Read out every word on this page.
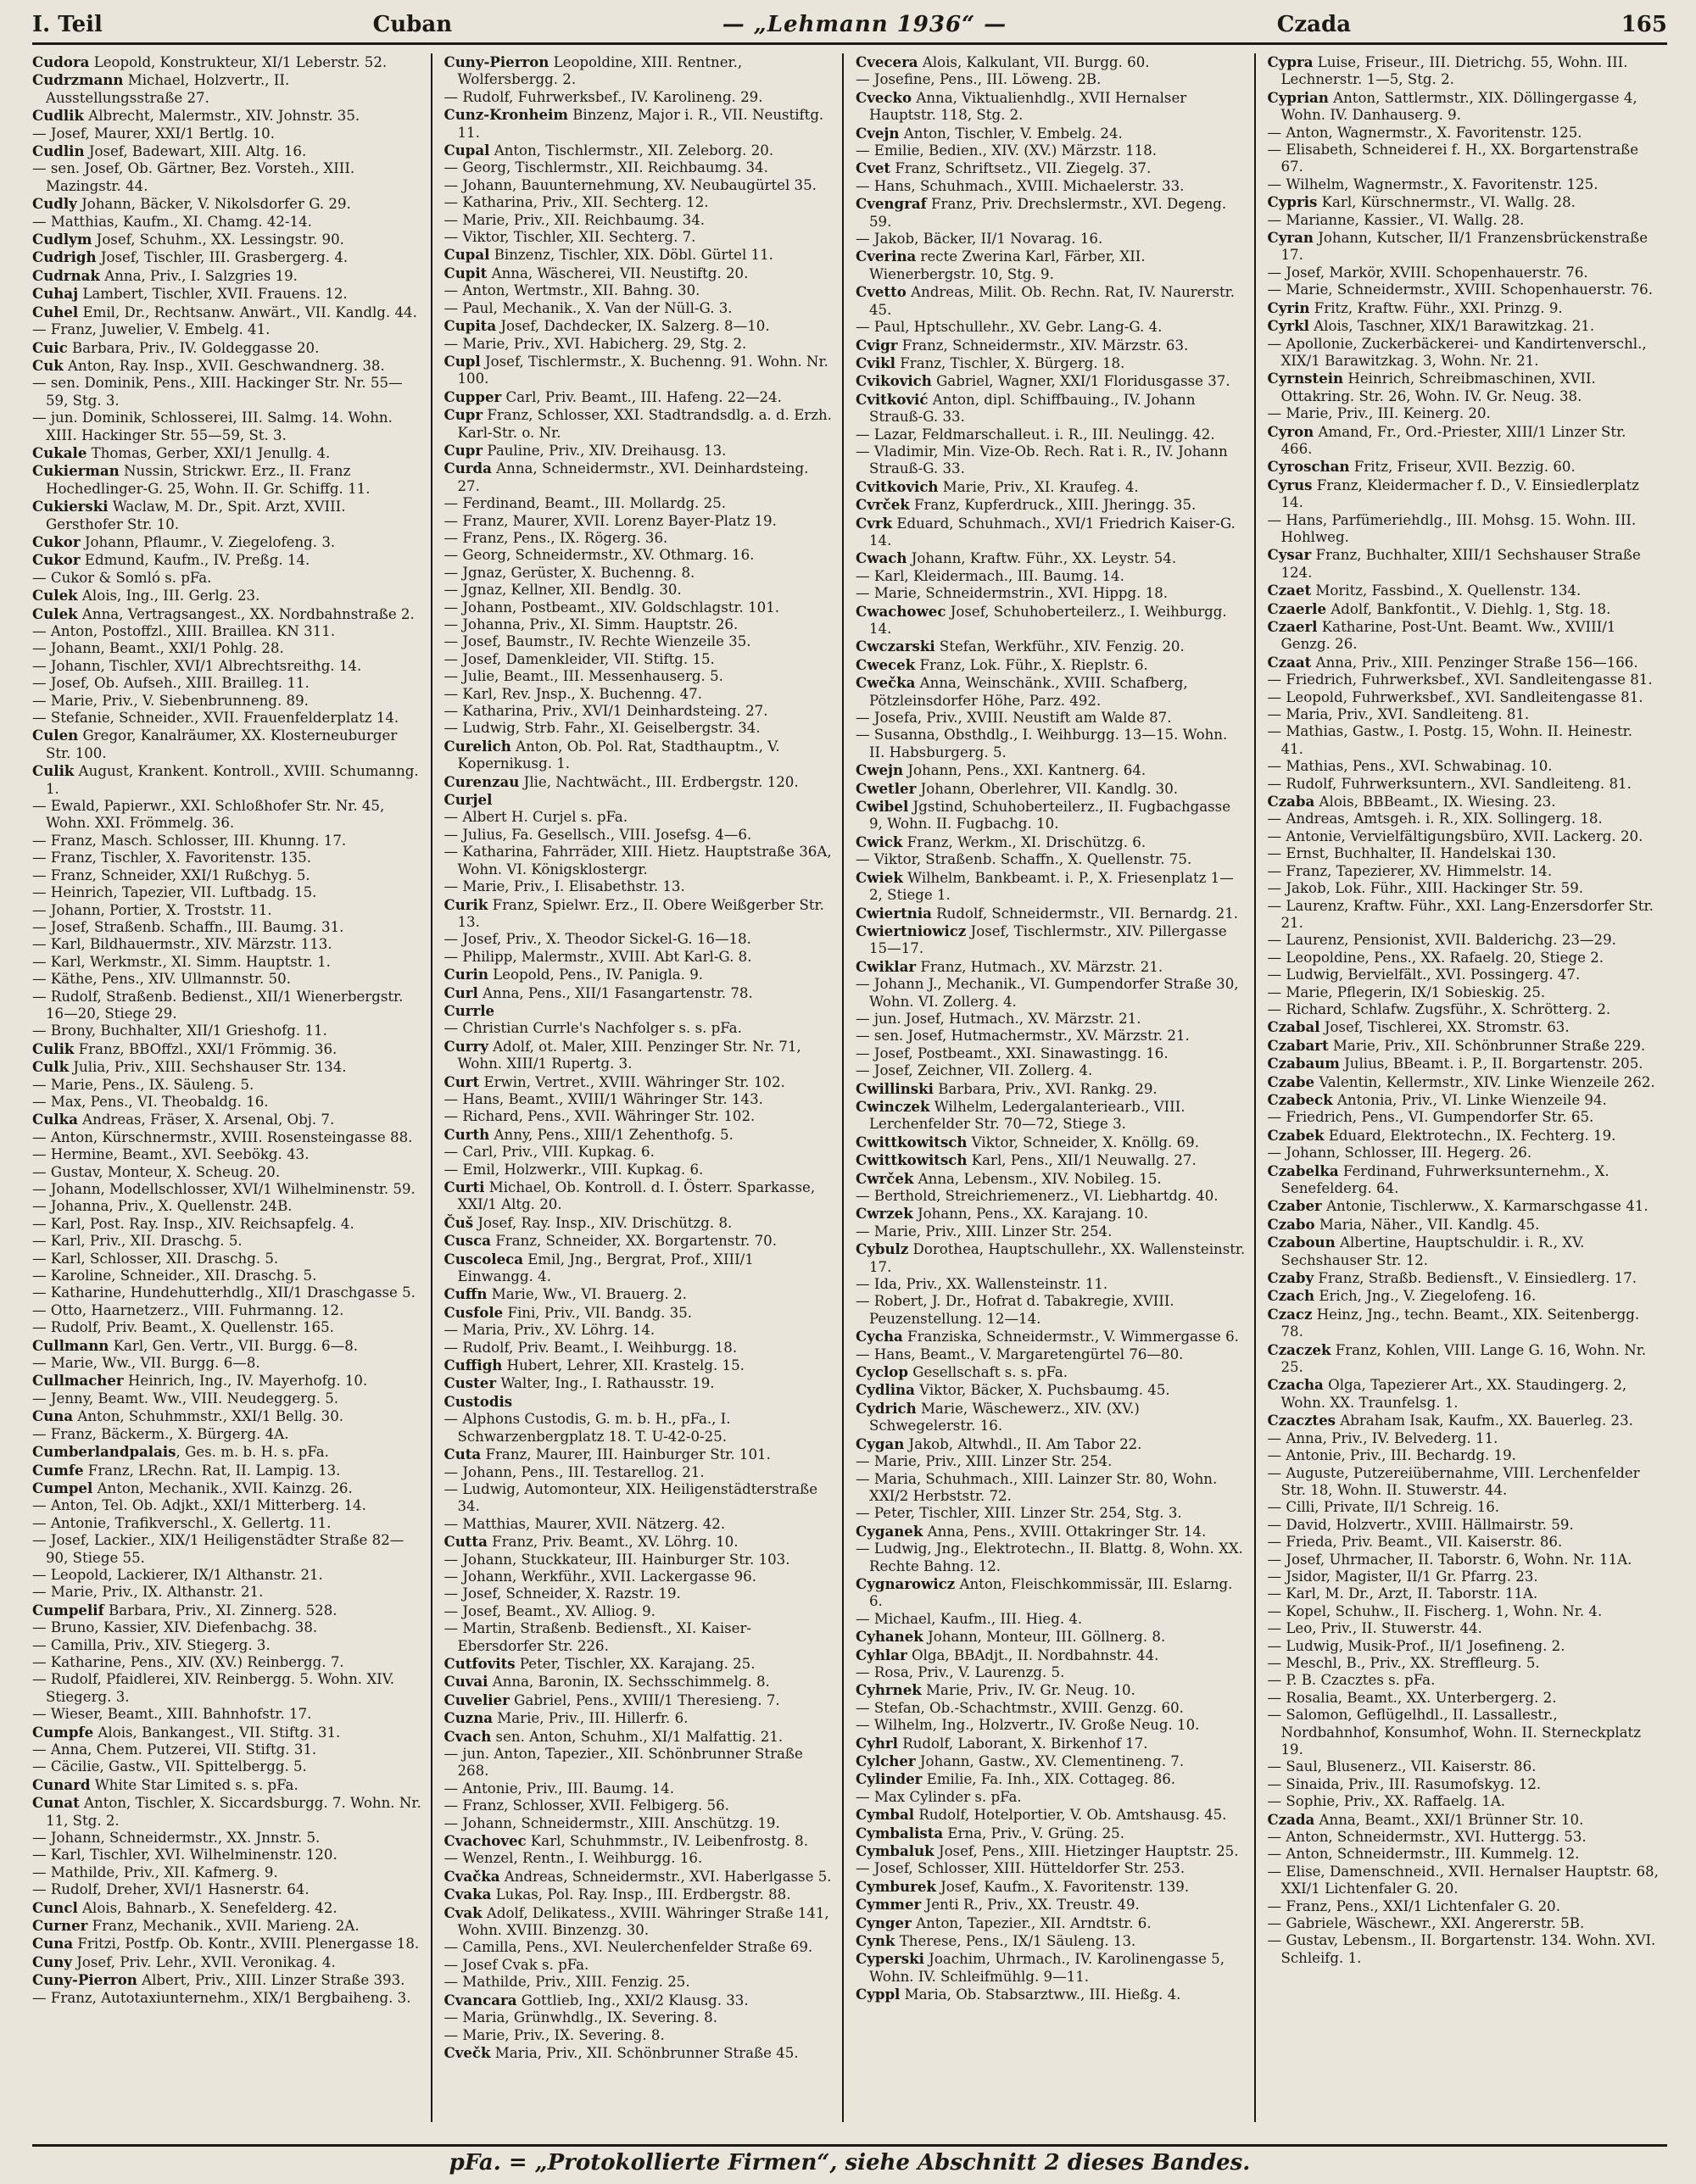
I. Teil	Cuban	— „Lehmann 1936“ —	Czada	165

Cudora Leopold, Konstrukteur, XI/1 Leberstr. 52.

Cudrzmann Michael, Holzvertr., II. Ausstellungsstraße 27.

Cudlik Albrecht, Malermstr., XIV. Johnstr. 35.

— Josef, Maurer, XXI/1 Bertlg. 10.

Cudlin Josef, Badewart, XIII. Altg. 16.

— sen. Josef, Ob. Gärtner, Bez. Vorsteh., XIII. Mazingstr. 44.

Cudly Johann, Bäcker, V. Nikolsdorfer G. 29.

— Matthias, Kaufm., XI. Chamg. 42-14.

Cudlym Josef, Schuhm., XX. Lessingstr. 90.

Cudrigh Josef, Tischler, III. Grasbergerg. 4.

Cudrnak Anna, Priv., I. Salzgries 19.

Cuhaj Lambert, Tischler, XVII. Frauens. 12.

Cuhel Emil, Dr., Rechtsanw. Anwärt., VII. Kandlg. 44.

— Franz, Juwelier, V. Embelg. 41.

Cuic Barbara, Priv., IV. Goldeggasse 20.

Cuk Anton, Ray. Insp., XVII. Geschwandnerg. 38.

— sen. Dominik, Pens., XIII. Hackinger Str. Nr. 55—59, Stg. 3.

— jun. Dominik, Schlosserei, III. Salmg. 14. Wohn. XIII. Hackinger Str. 55—59, St. 3.

Cukale Thomas, Gerber, XXI/1 Jenullg. 4.

Cukierman Nussin, Strickwr. Erz., II. Franz Hochedlinger-G. 25, Wohn. II. Gr. Schiffg. 11.

Cukierski Waclaw, M. Dr., Spit. Arzt, XVIII. Gersthofer Str. 10.

Cukor Johann, Pflaumr., V. Ziegelofeng. 3.

Cukor Edmund, Kaufm., IV. Preßg. 14.

— Cukor & Somló s. pFa.

Culek Alois, Ing., III. Gerlg. 23.

Culek Anna, Vertragsangest., XX. Nordbahnstraße 2.

— Anton, Postoffzl., XIII. Braillea. KN 311.

— Johann, Beamt., XXI/1 Pohlg. 28.

— Johann, Tischler, XVI/1 Albrechtsreithg. 14.

— Josef, Ob. Aufseh., XIII. Brailleg. 11.

— Marie, Priv., V. Siebenbrunneng. 89.

— Stefanie, Schneider., XVII. Frauenfelderplatz 14.

Culen Gregor, Kanalräumer, XX. Klosterneuburger Str. 100.

Culik August, Krankent. Kontroll., XVIII. Schumanng. 1.

— Ewald, Papierwr., XXI. Schloßhofer Str. Nr. 45, Wohn. XXI. Frömmelg. 36.

— Franz, Masch. Schlosser, III. Khunng. 17.

— Franz, Tischler, X. Favoritenstr. 135.

— Franz, Schneider, XXI/1 Rußchyg. 5.

— Heinrich, Tapezier, VII. Luftbadg. 15.

— Johann, Portier, X. Troststr. 11.

— Josef, Straßenb. Schaffn., III. Baumg. 31.

— Karl, Bildhauermstr., XIV. Märzstr. 113.

— Karl, Werkmstr., XI. Simm. Hauptstr. 1.

— Käthe, Pens., XIV. Ullmannstr. 50.

— Rudolf, Straßenb. Bedienst., XII/1 Wienerbergstr. 16—20, Stiege 29.

— Brony, Buchhalter, XII/1 Grieshofg. 11.

Culik Franz, BBOffzl., XXI/1 Frömmig. 36.

Culk Julia, Priv., XIII. Sechshauser Str. 134.

— Marie, Pens., IX. Säuleng. 5.

— Max, Pens., VI. Theobaldg. 16.

Culka Andreas, Fräser, X. Arsenal, Obj. 7.

— Anton, Kürschnermstr., XVIII. Rosensteingasse 88.

— Hermine, Beamt., XVI. Seebökg. 43.

— Gustav, Monteur, X. Scheug. 20.

— Johann, Modellschlosser, XVI/1 Wilhelminenstr. 59.

— Johanna, Priv., X. Quellenstr. 24B.

— Karl, Post. Ray. Insp., XIV. Reichsapfelg. 4.

— Karl, Priv., XII. Draschg. 5.

— Karl, Schlosser, XII. Draschg. 5.

— Karoline, Schneider., XII. Draschg. 5.

— Katharine, Hundehutterhdlg., XII/1 Draschgasse 5.

— Otto, Haarnetzerz., VIII. Fuhrmanng. 12.

— Rudolf, Priv. Beamt., X. Quellenstr. 165.

Cullmann Karl, Gen. Vertr., VII. Burgg. 6—8.

— Marie, Ww., VII. Burgg. 6—8.

Cullmacher Heinrich, Ing., IV. Mayerhofg. 10.

— Jenny, Beamt. Ww., VIII. Neudeggerg. 5.

Cuna Anton, Schuhmmstr., XXI/1 Bellg. 30.

— Franz, Bäckerm., X. Bürgerg. 4A.

Cumberlandpalais, Ges. m. b. H. s. pFa.

Cumfe Franz, LRechn. Rat, II. Lampig. 13.

Cumpel Anton, Mechanik., XVII. Kainzg. 26.

— Anton, Tel. Ob. Adjkt., XXI/1 Mitterberg. 14.

— Antonie, Trafikverschl., X. Gellertg. 11.

— Josef, Lackier., XIX/1 Heiligenstädter Straße 82—90, Stiege 55.

— Leopold, Lackierer, IX/1 Althanstr. 21.

— Marie, Priv., IX. Althanstr. 21.

Cumpelif Barbara, Priv., XI. Zinnerg. 528.

— Bruno, Kassier, XIV. Diefenbachg. 38.

— Camilla, Priv., XIV. Stiegerg. 3.

— Katharine, Pens., XIV. (XV.) Reinbergg. 7.

— Rudolf, Pfaidlerei, XIV. Reinbergg. 5. Wohn. XIV. Stiegerg. 3.

— Wieser, Beamt., XIII. Bahnhofstr. 17.

Cumpfe Alois, Bankangest., VII. Stiftg. 31.

— Anna, Chem. Putzerei, VII. Stiftg. 31.

— Cäcilie, Gastw., VII. Spittelbergg. 5.

Cunard White Star Limited s. s. pFa.

Cunat Anton, Tischler, X. Siccardsburgg. 7. Wohn. Nr. 11, Stg. 2.

— Johann, Schneidermstr., XX. Jnnstr. 5.

— Karl, Tischler, XVI. Wilhelminenstr. 120.

— Mathilde, Priv., XII. Kafmerg. 9.

— Rudolf, Dreher, XVI/1 Hasnerstr. 64.

Cuncl Alois, Bahnarb., X. Senefelderg. 42.

Curner Franz, Mechanik., XVII. Marieng. 2A.

Cuna Fritzi, Postfp. Ob. Kontr., XVIII. Plenergasse 18.

Cuny Josef, Priv. Lehr., XVII. Veronikag. 4.

Cuny-Pierron Albert, Priv., XIII. Linzer Straße 393.

— Franz, Autotaxiunternehm., XIX/1 Bergbaiheng. 3.

Cuny-Pierron Leopoldine, XIII. Rentner., Wolfersbergg. 2.

— Rudolf, Fuhrwerksbef., IV. Karolineng. 29.

Cunz-Kronheim Binzenz, Major i. R., VII. Neustiftg. 11.

Cupal Anton, Tischlermstr., XII. Zeleborg. 20.

— Georg, Tischlermstr., XII. Reichbaumg. 34.

— Johann, Bauunternehmung, XV. Neubaugürtel 35.

— Katharina, Priv., XII. Sechterg. 12.

— Marie, Priv., XII. Reichbaumg. 34.

— Viktor, Tischler, XII. Sechterg. 7.

Cupal Binzenz, Tischler, XIX. Döbl. Gürtel 11.

Cupit Anna, Wäscherei, VII. Neustiftg. 20.

— Anton, Wertmstr., XII. Bahng. 30.

— Paul, Mechanik., X. Van der Nüll-G. 3.

Cupita Josef, Dachdecker, IX. Salzerg. 8—10.

— Marie, Priv., XVI. Habicherg. 29, Stg. 2.

Cupl Josef, Tischlermstr., X. Buchenng. 91. Wohn. Nr. 100.

Cupper Carl, Priv. Beamt., III. Hafeng. 22—24.

Cupr Franz, Schlosser, XXI. Stadtrandsdlg. a. d. Erzh. Karl-Str. o. Nr.

Cupr Pauline, Priv., XIV. Dreihausg. 13.

Curda Anna, Schneidermstr., XVI. Deinhardsteing. 27.

— Ferdinand, Beamt., III. Mollardg. 25.

— Franz, Maurer, XVII. Lorenz Bayer-Platz 19.

— Franz, Pens., IX. Rögerg. 36.

— Georg, Schneidermstr., XV. Othmarg. 16.

— Jgnaz, Gerüster, X. Buchenng. 8.

— Jgnaz, Kellner, XII. Bendlg. 30.

— Johann, Postbeamt., XIV. Goldschlagstr. 101.

— Johanna, Priv., XI. Simm. Hauptstr. 26.

— Josef, Baumstr., IV. Rechte Wienzeile 35.

— Josef, Damenkleider, VII. Stiftg. 15.

— Julie, Beamt., III. Messenhauserg. 5.

— Karl, Rev. Jnsp., X. Buchenng. 47.

— Katharina, Priv., XVI/1 Deinhardsteing. 27.

— Ludwig, Strb. Fahr., XI. Geiselbergstr. 34.

Curelich Anton, Ob. Pol. Rat, Stadthauptm., V. Kopernikusg. 1.

Curenzau Jlie, Nachtwächt., III. Erdbergstr. 120.

Curjel

— Albert H. Curjel s. pFa.

— Julius, Fa. Gesellsch., VIII. Josefsg. 4—6.

— Katharina, Fahrräder, XIII. Hietz. Hauptstraße 36A, Wohn. VI. Königsklostergr.

— Marie, Priv., I. Elisabethstr. 13.

Curik Franz, Spielwr. Erz., II. Obere Weißgerber Str. 13.

— Josef, Priv., X. Theodor Sickel-G. 16—18.

— Philipp, Malermstr., XVIII. Abt Karl-G. 8.

Curin Leopold, Pens., IV. Panigla. 9.

Curl Anna, Pens., XII/1 Fasangartenstr. 78.

Currle

— Christian Currle's Nachfolger s. s. pFa.

Curry Adolf, ot. Maler, XIII. Penzinger Str. Nr. 71, Wohn. XIII/1 Rupertg. 3.

Curt Erwin, Vertret., XVIII. Währinger Str. 102.

— Hans, Beamt., XVIII/1 Währinger Str. 143.

— Richard, Pens., XVII. Währinger Str. 102.

Curth Anny, Pens., XIII/1 Zehenthofg. 5.

— Carl, Priv., VIII. Kupkag. 6.

— Emil, Holzwerkr., VIII. Kupkag. 6.

Curti Michael, Ob. Kontroll. d. I. Österr. Sparkasse, XXI/1 Altg. 20.

Čuš Josef, Ray. Insp., XIV. Drischützg. 8.

Cusca Franz, Schneider, XX. Borgartenstr. 70.

Cuscoleca Emil, Jng., Bergrat, Prof., XIII/1 Einwangg. 4.

Cuffn Marie, Ww., VI. Brauerg. 2.

Cusfole Fini, Priv., VII. Bandg. 35.

— Maria, Priv., XV. Löhrg. 14.

— Rudolf, Priv. Beamt., I. Weihburgg. 18.

Cuffigh Hubert, Lehrer, XII. Krastelg. 15.

Custer Walter, Ing., I. Rathausstr. 19.

Custodis

— Alphons Custodis, G. m. b. H., pFa., I. Schwarzenbergplatz 18. T. U-42-0-25.

Cuta Franz, Maurer, III. Hainburger Str. 101.

— Johann, Pens., III. Testarellog. 21.

— Ludwig, Automonteur, XIX. Heiligenstädterstraße 34.

— Matthias, Maurer, XVII. Nätzerg. 42.

Cutta Franz, Priv. Beamt., XV. Löhrg. 10.

— Johann, Stuckkateur, III. Hainburger Str. 103.

— Johann, Werkführ., XVII. Lackergasse 96.

— Josef, Schneider, X. Razstr. 19.

— Josef, Beamt., XV. Alliog. 9.

— Martin, Straßenb. Bediensft., XI. Kaiser-Ebersdorfer Str. 226.

Cutfovits Peter, Tischler, XX. Karajang. 25.

Cuvai Anna, Baronin, IX. Sechsschimmelg. 8.

Cuvelier Gabriel, Pens., XVIII/1 Theresieng. 7.

Cuzna Marie, Priv., III. Hillerfr. 6.

Cvach sen. Anton, Schuhm., XI/1 Malfattig. 21.

— jun. Anton, Tapezier., XII. Schönbrunner Straße 268.

— Antonie, Priv., III. Baumg. 14.

— Franz, Schlosser, XVII. Felbigerg. 56.

— Johann, Schneidermstr., XIII. Anschützg. 19.

Cvachovec Karl, Schuhmmstr., IV. Leibenfrostg. 8.

— Wenzel, Rentn., I. Weihburgg. 16.

Cvačka Andreas, Schneidermstr., XVI. Haberlgasse 5.

Cvaka Lukas, Pol. Ray. Insp., III. Erdbergstr. 88.

Cvak Adolf, Delikatess., XVIII. Währinger Straße 141, Wohn. XVIII. Binzenzg. 30.

— Camilla, Pens., XVI. Neulerchenfelder Straße 69.

— Josef Cvak s. pFa.

— Mathilde, Priv., XIII. Fenzig. 25.

Cvancara Gottlieb, Ing., XXI/2 Klausg. 33.

— Maria, Grünwhdlg., IX. Severing. 8.

— Marie, Priv., IX. Severing. 8.

Cvečk Maria, Priv., XII. Schönbrunner Straße 45.

Cvecera Alois, Kalkulant, VII. Burgg. 60.

— Josefine, Pens., III. Löweng. 2B.

Cvecko Anna, Viktualienhdlg., XVII Hernalser Hauptstr. 118, Stg. 2.

Cvejn Anton, Tischler, V. Embelg. 24.

— Emilie, Bedien., XIV. (XV.) Märzstr. 118.

Cvet Franz, Schriftsetz., VII. Ziegelg. 37.

— Hans, Schuhmach., XVIII. Michaelerstr. 33.

Cvengraf Franz, Priv. Drechslermstr., XVI. Degeng. 59.

— Jakob, Bäcker, II/1 Novarag. 16.

Cverina recte Zwerina Karl, Färber, XII. Wienerbergstr. 10, Stg. 9.

Cvetto Andreas, Milit. Ob. Rechn. Rat, IV. Naurerstr. 45.

— Paul, Hptschullehr., XV. Gebr. Lang-G. 4.

Cvigr Franz, Schneidermstr., XIV. Märzstr. 63.

Cvikl Franz, Tischler, X. Bürgerg. 18.

Cvikovich Gabriel, Wagner, XXI/1 Floridusgasse 37.

Cvitković Anton, dipl. Schiffbauing., IV. Johann Strauß-G. 33.

— Lazar, Feldmarschalleut. i. R., III. Neulingg. 42.

— Vladimir, Min. Vize-Ob. Rech. Rat i. R., IV. Johann Strauß-G. 33.

Cvitkovich Marie, Priv., XI. Kraufeg. 4.

Cvrček Franz, Kupferdruck., XIII. Jheringg. 35.

Cvrk Eduard, Schuhmach., XVI/1 Friedrich Kaiser-G. 14.

Cwach Johann, Kraftw. Führ., XX. Leystr. 54.

— Karl, Kleidermach., III. Baumg. 14.

— Marie, Schneidermstrin., XVI. Hippg. 18.

Cwachowec Josef, Schuhoberteilerz., I. Weihburgg. 14.

Cwczarski Stefan, Werkführ., XIV. Fenzig. 20.

Cwecek Franz, Lok. Führ., X. Rieplstr. 6.

Cwečka Anna, Weinschänk., XVIII. Schafberg, Pötzleinsdorfer Höhe, Parz. 492.

— Josefa, Priv., XVIII. Neustift am Walde 87.

— Susanna, Obsthdlg., I. Weihburgg. 13—15. Wohn. II. Habsburgerg. 5.

Cwejn Johann, Pens., XXI. Kantnerg. 64.

Cwetler Johann, Oberlehrer, VII. Kandlg. 30.

Cwibel Jgstind, Schuhoberteilerz., II. Fugbachgasse 9, Wohn. II. Fugbachg. 10.

Cwick Franz, Werkm., XI. Drischützg. 6.

— Viktor, Straßenb. Schaffn., X. Quellenstr. 75.

Cwiek Wilhelm, Bankbeamt. i. P., X. Friesenplatz 1—2, Stiege 1.

Cwiertnia Rudolf, Schneidermstr., VII. Bernardg. 21.

Cwiertniowicz Josef, Tischlermstr., XIV. Pillergasse 15—17.

Cwiklar Franz, Hutmach., XV. Märzstr. 21.

— Johann J., Mechanik., VI. Gumpendorfer Straße 30, Wohn. VI. Zollerg. 4.

— jun. Josef, Hutmach., XV. Märzstr. 21.

— sen. Josef, Hutmachermstr., XV. Märzstr. 21.

— Josef, Postbeamt., XXI. Sinawastingg. 16.

— Josef, Zeichner, VII. Zollerg. 4.

Cwillinski Barbara, Priv., XVI. Rankg. 29.

Cwinczek Wilhelm, Ledergalanteriearb., VIII. Lerchenfelder Str. 70—72, Stiege 3.

Cwittkowitsch Viktor, Schneider, X. Knöllg. 69.

Cwittkowitsch Karl, Pens., XII/1 Neuwallg. 27.

Cwrček Anna, Lebensm., XIV. Nobileg. 15.

— Berthold, Streichriemenerz., VI. Liebhartdg. 40.

Cwrzek Johann, Pens., XX. Karajang. 10.

— Marie, Priv., XIII. Linzer Str. 254.

Cybulz Dorothea, Hauptschullehr., XX. Wallensteinstr. 17.

— Ida, Priv., XX. Wallensteinstr. 11.

— Robert, J. Dr., Hofrat d. Tabakregie, XVIII. Peuzenstellung. 12—14.

Cycha Franziska, Schneidermstr., V. Wimmergasse 6.

— Hans, Beamt., V. Margaretengürtel 76—80.

Cyclop Gesellschaft s. s. pFa.

Cydlina Viktor, Bäcker, X. Puchsbaumg. 45.

Cydrich Marie, Wäschewerz., XIV. (XV.) Schwegelerstr. 16.

Cygan Jakob, Altwhdl., II. Am Tabor 22.

— Marie, Priv., XIII. Linzer Str. 254.

— Maria, Schuhmach., XIII. Lainzer Str. 80, Wohn. XXI/2 Herbststr. 72.

— Peter, Tischler, XIII. Linzer Str. 254, Stg. 3.

Cyganek Anna, Pens., XVIII. Ottakringer Str. 14.

— Ludwig, Jng., Elektrotechn., II. Blattg. 8, Wohn. XX. Rechte Bahng. 12.

Cygnarowicz Anton, Fleischkommissär, III. Eslarng. 6.

— Michael, Kaufm., III. Hieg. 4.

Cyhanek Johann, Monteur, III. Göllnerg. 8.

Cyhlar Olga, BBAdjt., II. Nordbahnstr. 44.

— Rosa, Priv., V. Laurenzg. 5.

Cyhrnek Marie, Priv., IV. Gr. Neug. 10.

— Stefan, Ob.-Schachtmstr., XVIII. Genzg. 60.

— Wilhelm, Ing., Holzvertr., IV. Große Neug. 10.

Cyhrl Rudolf, Laborant, X. Birkenhof 17.

Cylcher Johann, Gastw., XV. Clementineng. 7.

Cylinder Emilie, Fa. Inh., XIX. Cottageg. 86.

— Max Cylinder s. pFa.

Cymbal Rudolf, Hotelportier, V. Ob. Amtshausg. 45.

Cymbalista Erna, Priv., V. Grüng. 25.

Cymbaluk Josef, Pens., XIII. Hietzinger Hauptstr. 25.

— Josef, Schlosser, XIII. Hütteldorfer Str. 253.

Cymburek Josef, Kaufm., X. Favoritenstr. 139.

Cymmer Jenti R., Priv., XX. Treustr. 49.

Cynger Anton, Tapezier., XII. Arndtstr. 6.

Cynk Therese, Pens., IX/1 Säuleng. 13.

Cyperski Joachim, Uhrmach., IV. Karolinengasse 5, Wohn. IV. Schleifmühlg. 9—11.

Cyppl Maria, Ob. Stabsarztww., III. Hießg. 4.

Cypra Luise, Friseur., III. Dietrichg. 55, Wohn. III. Lechnerstr. 1—5, Stg. 2.

Cyprian Anton, Sattlermstr., XIX. Döllingergasse 4, Wohn. IV. Danhauserg. 9.

— Anton, Wagnermstr., X. Favoritenstr. 125.

— Elisabeth, Schneiderei f. H., XX. Borgartenstraße 67.

— Wilhelm, Wagnermstr., X. Favoritenstr. 125.

Cypris Karl, Kürschnermstr., VI. Wallg. 28.

— Marianne, Kassier., VI. Wallg. 28.

Cyran Johann, Kutscher, II/1 Franzensbrückenstraße 17.

— Josef, Markör, XVIII. Schopenhauerstr. 76.

— Marie, Schneidermstr., XVIII. Schopenhauerstr. 76.

Cyrin Fritz, Kraftw. Führ., XXI. Prinzg. 9.

Cyrkl Alois, Taschner, XIX/1 Barawitzkag. 21.

— Apollonie, Zuckerbäckerei- und Kandirtenverschl., XIX/1 Barawitzkag. 3, Wohn. Nr. 21.

Cyrnstein Heinrich, Schreibmaschinen, XVII. Ottakring. Str. 26, Wohn. IV. Gr. Neug. 38.

— Marie, Priv., III. Keinerg. 20.

Cyron Amand, Fr., Ord.-Priester, XIII/1 Linzer Str. 466.

Cyroschan Fritz, Friseur, XVII. Bezzig. 60.

Cyrus Franz, Kleidermacher f. D., V. Einsiedlerplatz 14.

— Hans, Parfümeriehdlg., III. Mohsg. 15. Wohn. III. Hohlweg.

Cysar Franz, Buchhalter, XIII/1 Sechshauser Straße 124.

Czaet Moritz, Fassbind., X. Quellenstr. 134.

Czaerle Adolf, Bankfontit., V. Diehlg. 1, Stg. 18.

Czaerl Katharine, Post-Unt. Beamt. Ww., XVIII/1 Genzg. 26.

Czaat Anna, Priv., XIII. Penzinger Straße 156—166.

— Friedrich, Fuhrwerksbef., XVI. Sandleitengasse 81.

— Leopold, Fuhrwerksbef., XVI. Sandleitengasse 81.

— Maria, Priv., XVI. Sandleiteng. 81.

— Mathias, Gastw., I. Postg. 15, Wohn. II. Heinestr. 41.

— Mathias, Pens., XVI. Schwabinag. 10.

— Rudolf, Fuhrwerksuntern., XVI. Sandleiteng. 81.

Czaba Alois, BBBeamt., IX. Wiesing. 23.

— Andreas, Amtsgeh. i. R., XIX. Sollingerg. 18.

— Antonie, Vervielfältigungsbüro, XVII. Lackerg. 20.

— Ernst, Buchhalter, II. Handelskai 130.

— Franz, Tapezierer, XV. Himmelstr. 14.

— Jakob, Lok. Führ., XIII. Hackinger Str. 59.

— Laurenz, Kraftw. Führ., XXI. Lang-Enzersdorfer Str. 21.

— Laurenz, Pensionist, XVII. Balderichg. 23—29.

— Leopoldine, Pens., XX. Rafaelg. 20, Stiege 2.

— Ludwig, Bervielfält., XVI. Possingerg. 47.

— Marie, Pflegerin, IX/1 Sobieskig. 25.

— Richard, Schlafw. Zugsführ., X. Schrötterg. 2.

Czabal Josef, Tischlerei, XX. Stromstr. 63.

Czabart Marie, Priv., XII. Schönbrunner Straße 229.

Czabaum Julius, BBeamt. i. P., II. Borgartenstr. 205.

Czabe Valentin, Kellermstr., XIV. Linke Wienzeile 262.

Czabeck Antonia, Priv., VI. Linke Wienzeile 94.

— Friedrich, Pens., VI. Gumpendorfer Str. 65.

Czabek Eduard, Elektrotechn., IX. Fechterg. 19.

— Johann, Schlosser, III. Hegerg. 26.

Czabelka Ferdinand, Fuhrwerksunternehm., X. Senefelderg. 64.

Czaber Antonie, Tischlerww., X. Karmarschgasse 41.

Czabo Maria, Näher., VII. Kandlg. 45.

Czaboun Albertine, Hauptschuldir. i. R., XV. Sechshauser Str. 12.

Czaby Franz, Straßb. Bediensft., V. Einsiedlerg. 17.

Czach Erich, Jng., V. Ziegelofeng. 16.

Czacz Heinz, Jng., techn. Beamt., XIX. Seitenbergg. 78.

Czaczek Franz, Kohlen, VIII. Lange G. 16, Wohn. Nr. 25.

Czacha Olga, Tapezierer Art., XX. Staudingerg. 2, Wohn. XX. Traunfelsg. 1.

Czacztes Abraham Isak, Kaufm., XX. Bauerleg. 23.

— Anna, Priv., IV. Belvederg. 11.

— Antonie, Priv., III. Bechardg. 19.

— Auguste, Putzereiübernahme, VIII. Lerchenfelder Str. 18, Wohn. II. Stuwerstr. 44.

— Cilli, Private, II/1 Schreig. 16.

— David, Holzvertr., XVIII. Hällmairstr. 59.

— Frieda, Priv. Beamt., VII. Kaiserstr. 86.

— Josef, Uhrmacher, II. Taborstr. 6, Wohn. Nr. 11A.

— Jsidor, Magister, II/1 Gr. Pfarrg. 23.

— Karl, M. Dr., Arzt, II. Taborstr. 11A.

— Kopel, Schuhw., II. Fischerg. 1, Wohn. Nr. 4.

— Leo, Priv., II. Stuwerstr. 44.

— Ludwig, Musik-Prof., II/1 Josefineng. 2.

— Meschl, B., Priv., XX. Streffleurg. 5.

— P. B. Czacztes s. pFa.

— Rosalia, Beamt., XX. Unterbergerg. 2.

— Salomon, Geflügelhdl., II. Lassallestr., Nordbahnhof, Konsumhof, Wohn. II. Sterneckplatz 19.

— Saul, Blusenerz., VII. Kaiserstr. 86.

— Sinaida, Priv., III. Rasumofskyg. 12.

— Sophie, Priv., XX. Raffaelg. 1A.

Czada Anna, Beamt., XXI/1 Brünner Str. 10.

— Anton, Schneidermstr., XVI. Huttergg. 53.

— Anton, Schneidermstr., III. Kummelg. 12.

— Elise, Damenschneid., XVII. Hernalser Hauptstr. 68, XXI/1 Lichtenfaler G. 20.

— Franz, Pens., XXI/1 Lichtenfaler G. 20.

— Gabriele, Wäschewr., XXI. Angererstr. 5B.

— Gustav, Lebensm., II. Borgartenstr. 134. Wohn. XVI. Schleifg. 1.

pFa. = „Protokollierte Firmen“, siehe Abschnitt 2 dieses Bandes.
